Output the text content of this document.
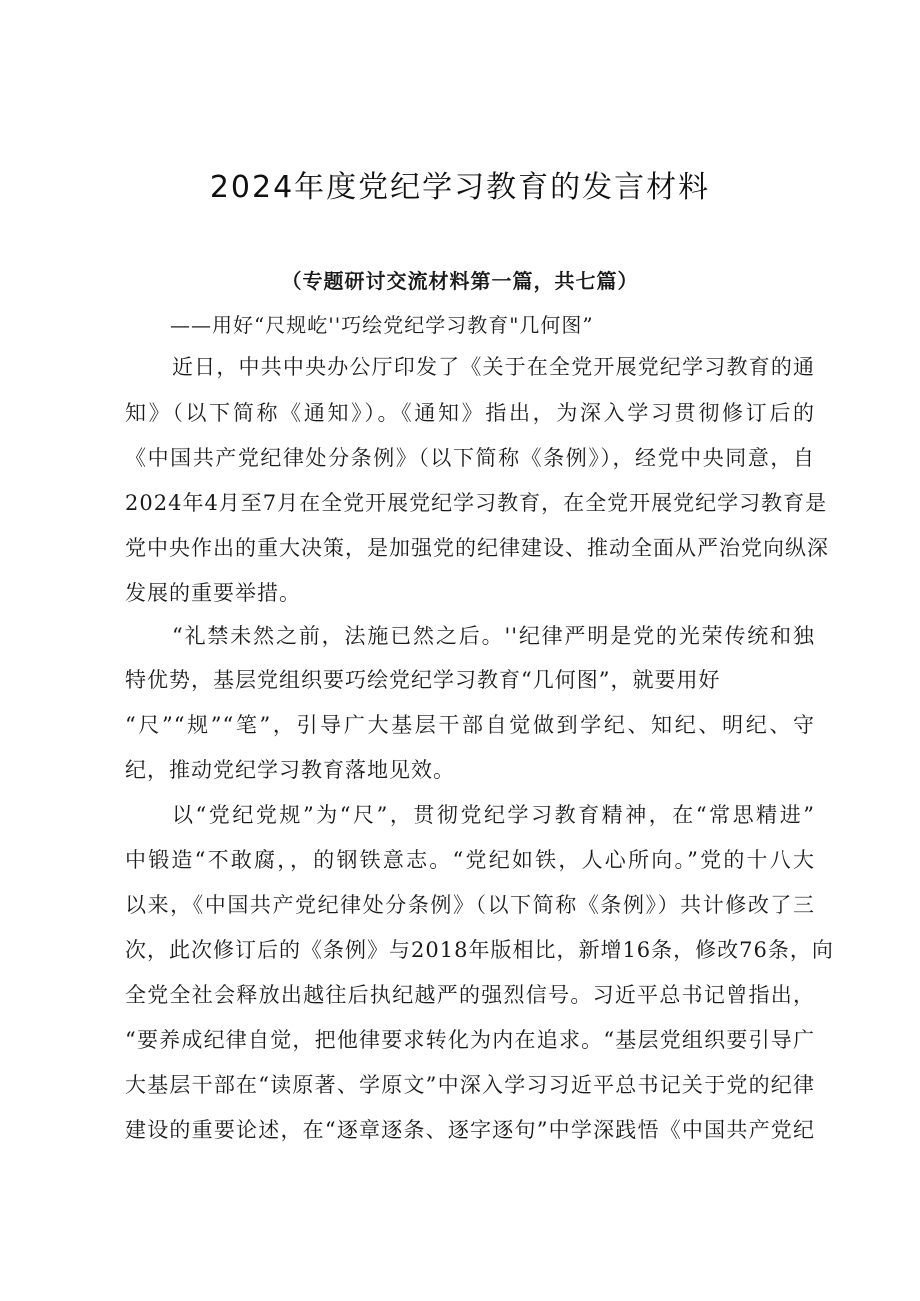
2024年度党纪学习教育的发言材料
（专题研讨交流材料第一篇，共七篇）
——用好“尺规屹''巧绘党纪学习教育"几何图”
近日，中共中央办公厅印发了《关于在全党开展党纪学习教育的通
知》（以下简称《通知》）。《通知》指出，为深入学习贯彻修订后的
《中国共产党纪律处分条例》（以下简称《条例》），经党中央同意，自
2024年4月至7月在全党开展党纪学习教育，在全党开展党纪学习教育是
党中央作出的重大决策，是加强党的纪律建设、推动全面从严治党向纵深
发展的重要举措。
“礼禁未然之前，法施已然之后。''纪律严明是党的光荣传统和独
特优势，基层党组织要巧绘党纪学习教育“几何图”，就要用好
“尺”“规”“笔”，引导广大基层干部自觉做到学纪、知纪、明纪、守
纪，推动党纪学习教育落地见效。
以“党纪党规”为“尺”，贯彻党纪学习教育精神，在“常思精进”
中锻造“不敢腐，，的钢铁意志。“党纪如铁，人心所向。”党的十八大
以来，《中国共产党纪律处分条例》（以下简称《条例》）共计修改了三
次，此次修订后的《条例》与2018年版相比，新增16条，修改76条，向
全党全社会释放出越往后执纪越严的强烈信号。习近平总书记曾指出，
“要养成纪律自觉，把他律要求转化为内在追求。“基层党组织要引导广
大基层干部在“读原著、学原文”中深入学习习近平总书记关于党的纪律
建设的重要论述，在“逐章逐条、逐字逐句”中学深践悟《中国共产党纪
